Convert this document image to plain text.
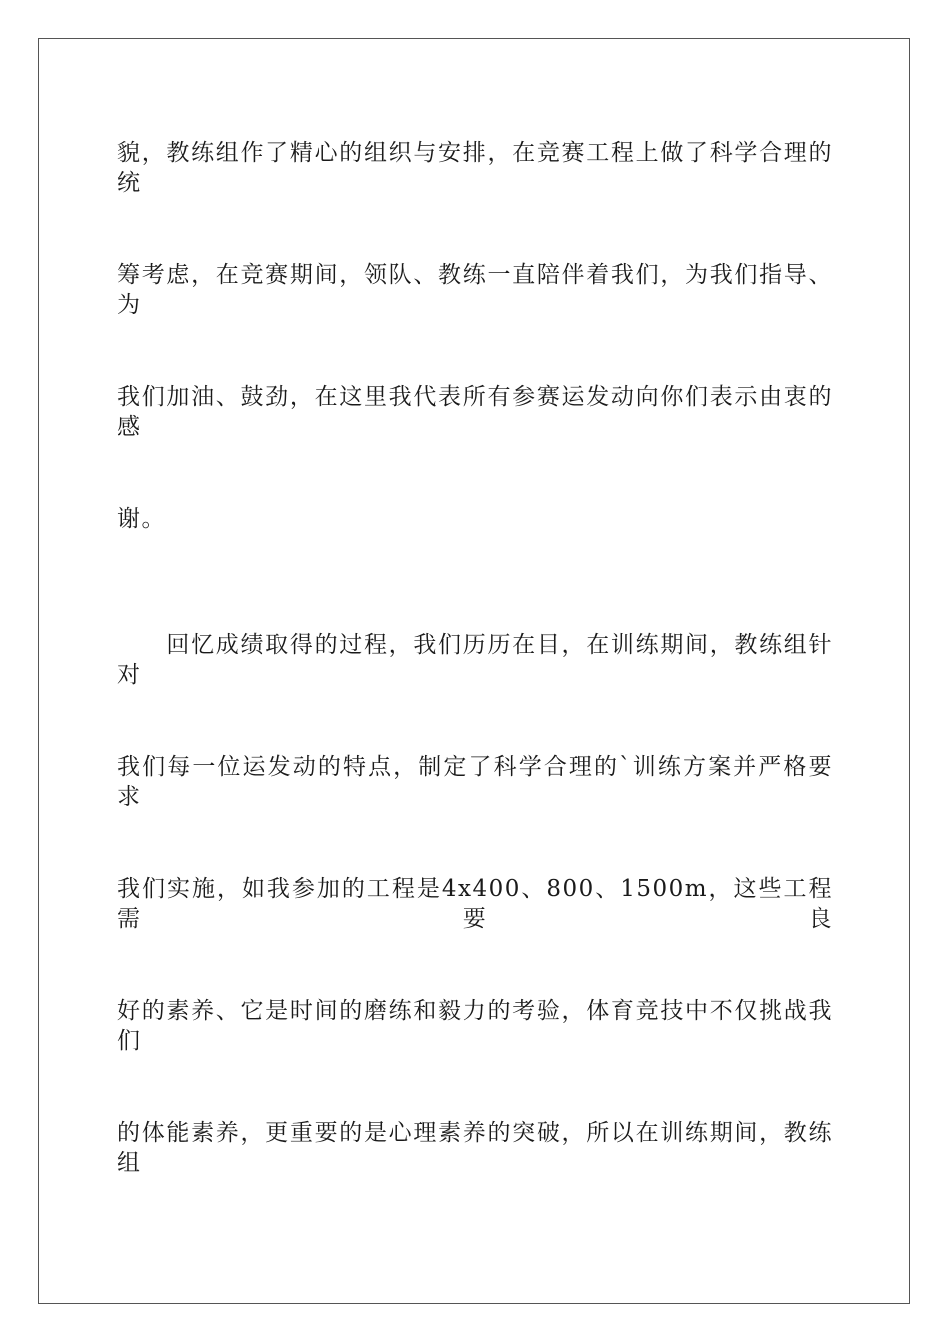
貌，教练组作了精心的组织与安排，在竞赛工程上做了科学合理的统
筹考虑，在竞赛期间，领队、教练一直陪伴着我们，为我们指导、为
我们加油、鼓劲，在这里我代表所有参赛运发动向你们表示由衷的感
谢。
　　回忆成绩取得的过程，我们历历在目，在训练期间，教练组针对
我们每一位运发动的特点，制定了科学合理的`训练方案并严格要求
我们实施，如我参加的工程是4x400、800、1500m，这些工程需要良
好的素养、它是时间的磨练和毅力的考验，体育竞技中不仅挑战我们
的体能素养，更重要的是心理素养的突破，所以在训练期间，教练组
